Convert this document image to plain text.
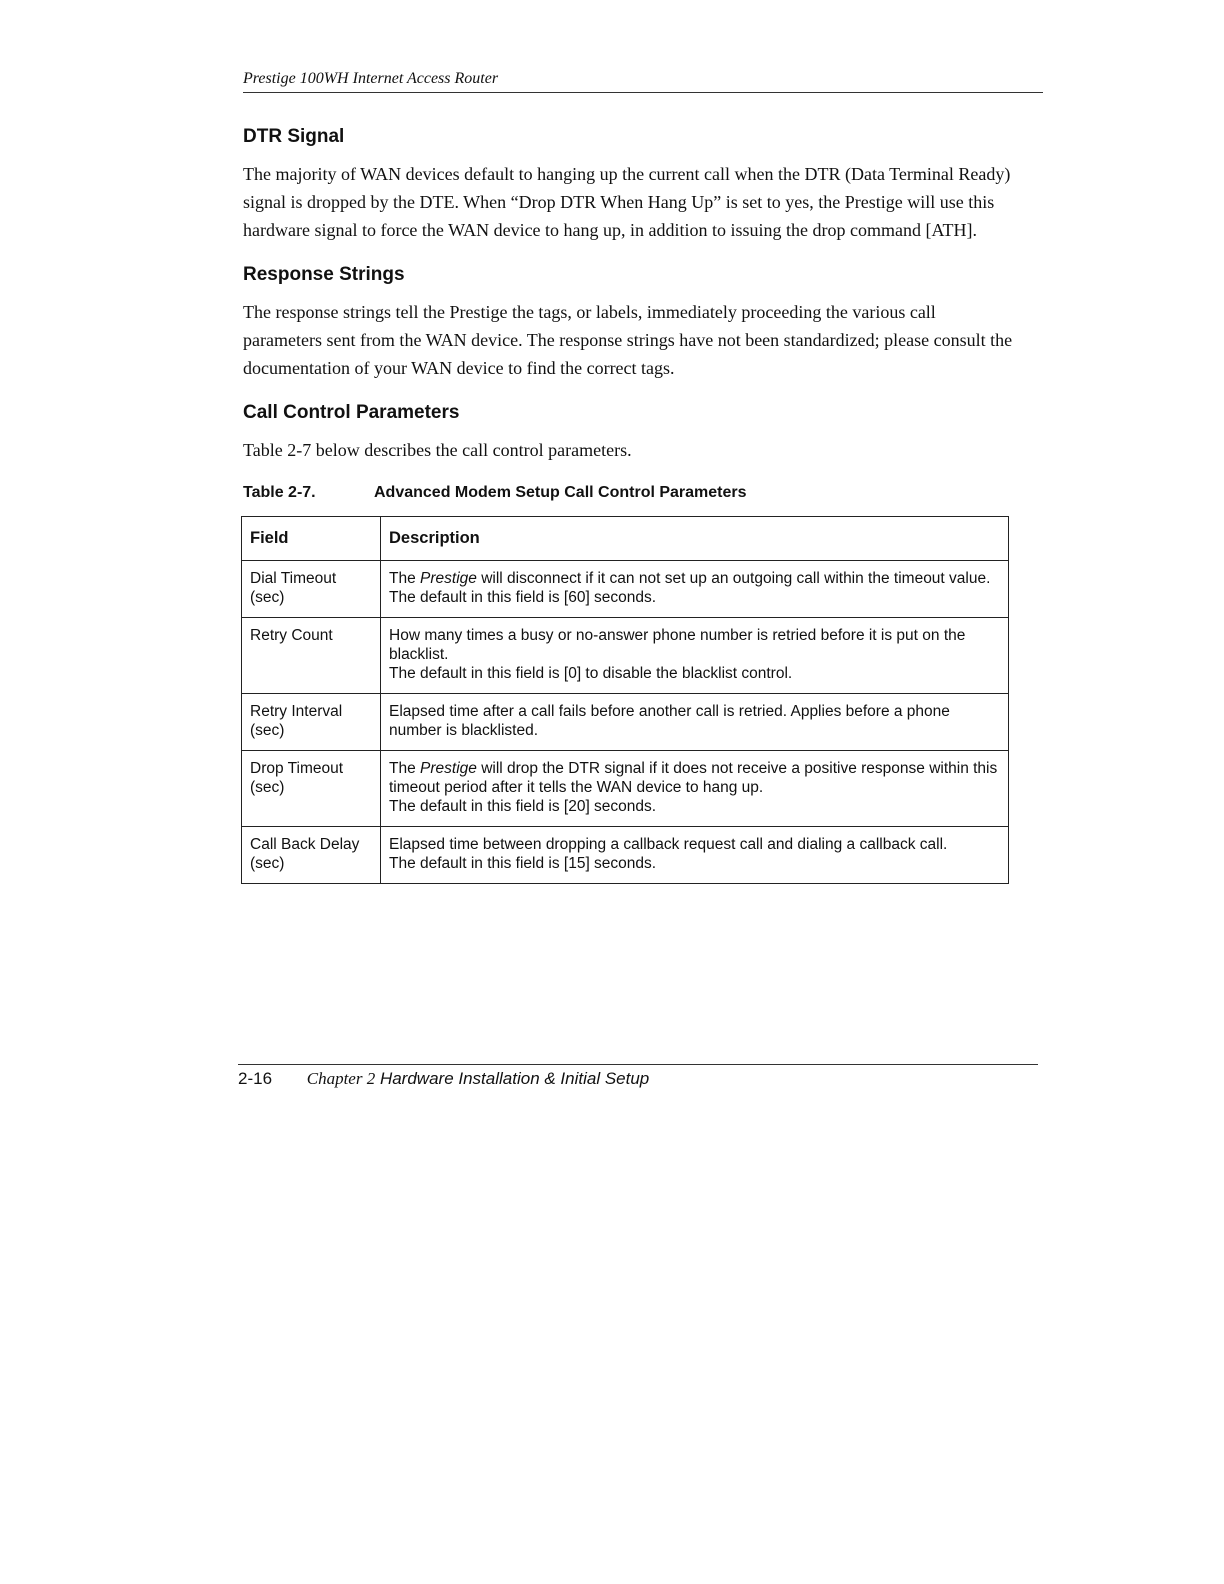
Prestige 100WH Internet Access Router
DTR Signal

The majority of WAN devices default to hanging up the current call when the DTR (Data Terminal Ready) signal is dropped by the DTE. When “Drop DTR When Hang Up” is set to yes, the Prestige will use this hardware signal to force the WAN device to hang up, in addition to issuing the drop command [ATH].

Response Strings

The response strings tell the Prestige the tags, or labels, immediately proceeding the various call parameters sent from the WAN device. The response strings have not been standardized; please consult the documentation of your WAN device to find the correct tags.

Call Control Parameters

Table 2-7 below describes the call control parameters.

Table 2-7.	Advanced Modem Setup Call Control Parameters
Field	Description
Dial Timeout (sec)	The Prestige will disconnect if it can not set up an outgoing call within the timeout value.
The default in this field is [60] seconds.

Retry Count	How many times a busy or no-answer phone number is retried before it is put on the blacklist.
The default in this field is [0] to disable the blacklist control.

Retry Interval (sec)	Elapsed time after a call fails before another call is retried. Applies before a phone number is blacklisted.

Drop Timeout (sec)	The Prestige will drop the DTR signal if it does not receive a positive response within this timeout period after it tells the WAN device to hang up.
The default in this field is [20] seconds.

Call Back Delay (sec)	Elapsed time between dropping a callback request call and dialing a callback call.
The default in this field is [15] seconds.
2-16 Chapter 2 Hardware Installation & Initial Setup
